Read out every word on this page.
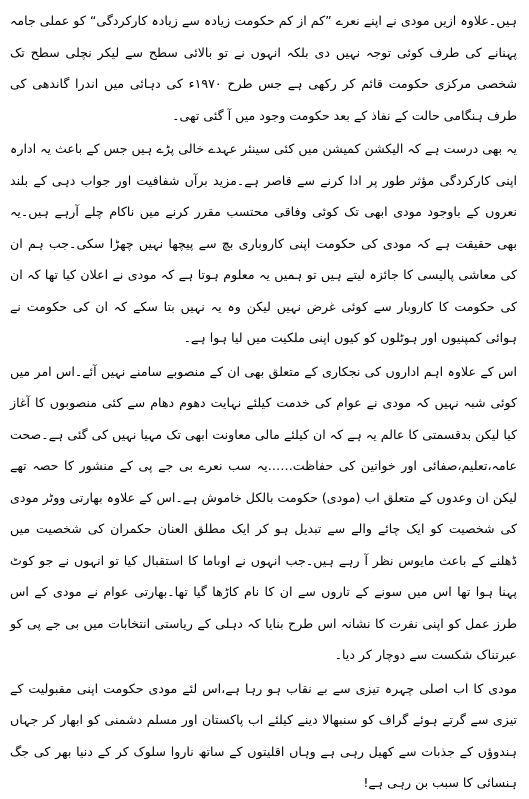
ہیں۔علاوہ ازیں مودی نے اپنے نعرے ”کم از کم حکومت زیادہ سے زیادہ کارکردگی“ کو عملی جامہ پہنانے کی طرف کوئی توجہ نہیں دی بلکہ انہوں نے تو بالائی سطح سے لیکر نچلی سطح تک شخصی مرکزی حکومت قائم کر رکھی ہے جس طرح ۱۹۷۰ء کی دہائی میں اندرا گاندھی کی طرف ہنگامی حالت کے نفاذ کے بعد حکومت وجود میں آ گئی تھی۔

یہ بھی درست ہے کہ الیکشن کمیشن میں کئی سینئر عہدے خالی پڑے ہیں جس کے باعث یہ ادارہ اپنی کارکردگی مؤثر طور پر ادا کرنے سے قاصر ہے۔مزید برآں شفافیت اور جواب دہی کے بلند نعروں کے باوجود مودی ابھی تک کوئی وفاقی محتسب مقرر کرنے میں ناکام چلے آرہے ہیں۔یہ بھی حقیقت ہے کہ مودی کی حکومت اپنی کاروباری بچ سے پیچھا نہیں چھڑا سکی۔جب ہم ان کی معاشی پالیسی کا جائزہ لیتے ہیں تو ہمیں یہ معلوم ہوتا ہے کہ مودی نے اعلان کیا تھا کہ ان کی حکومت کا کاروبار سے کوئی غرض نہیں لیکن وہ یہ نہیں بتا سکے کہ ان کی حکومت نے ہوائی کمپنیوں اور ہوٹلوں کو کیوں اپنی ملکیت میں لیا ہوا ہے۔

اس کے علاوہ اہم اداروں کی نجکاری کے متعلق بھی ان کے منصوبے سامنے نہیں آئے۔اس امر میں کوئی شبہ نہیں کہ مودی نے عوام کی خدمت کیلئے نہایت دھوم دھام سے کئی منصوبوں کا آغاز کیا لیکن بدقسمتی کا عالم یہ ہے کہ ان کیلئے مالی معاونت ابھی تک مہیا نہیں کی گئی ہے۔صحت عامہ،تعلیم،صفائی اور خواتین کی حفاظت……یہ سب نعرے بی جے پی کے منشور کا حصہ تھے لیکن ان وعدوں کے متعلق اب (مودی) حکومت بالکل خاموش ہے۔اس کے علاوہ بھارتی ووٹر مودی کی شخصیت کو ایک چائے والے سے تبدیل ہو کر ایک مطلق العنان حکمران کی شخصیت میں ڈھلنے کے باعث مایوس نظر آ رہے ہیں۔جب انہوں نے اوباما کا استقبال کیا تو انہوں نے جو کوٹ پہنا ہوا تھا اس میں سونے کے تاروں سے ان کا نام کاڑھا گیا تھا۔بھارتی عوام نے مودی کے اس طرز عمل کو اپنی نفرت کا نشانہ اس طرح بنایا کہ دہلی کے ریاستی انتخابات میں بی جے پی کو عبرتناک شکست سے دوچار کر دیا۔

مودی کا اب اصلی چہرہ تیزی سے بے نقاب ہو رہا ہے،اس لئے مودی حکومت اپنی مقبولیت کے تیزی سے گرتے ہوئے گراف کو سنبھالا دینے کیلئے اب پاکستان اور مسلم دشمنی کو ابھار کر جہاں ہندوؤں کے جذبات سے کھیل رہی ہے وہاں اقلیتوں کے ساتھ ناروا سلوک کر کے دنیا بھر کی جگ ہنسائی کا سبب بن رہی ہے!
